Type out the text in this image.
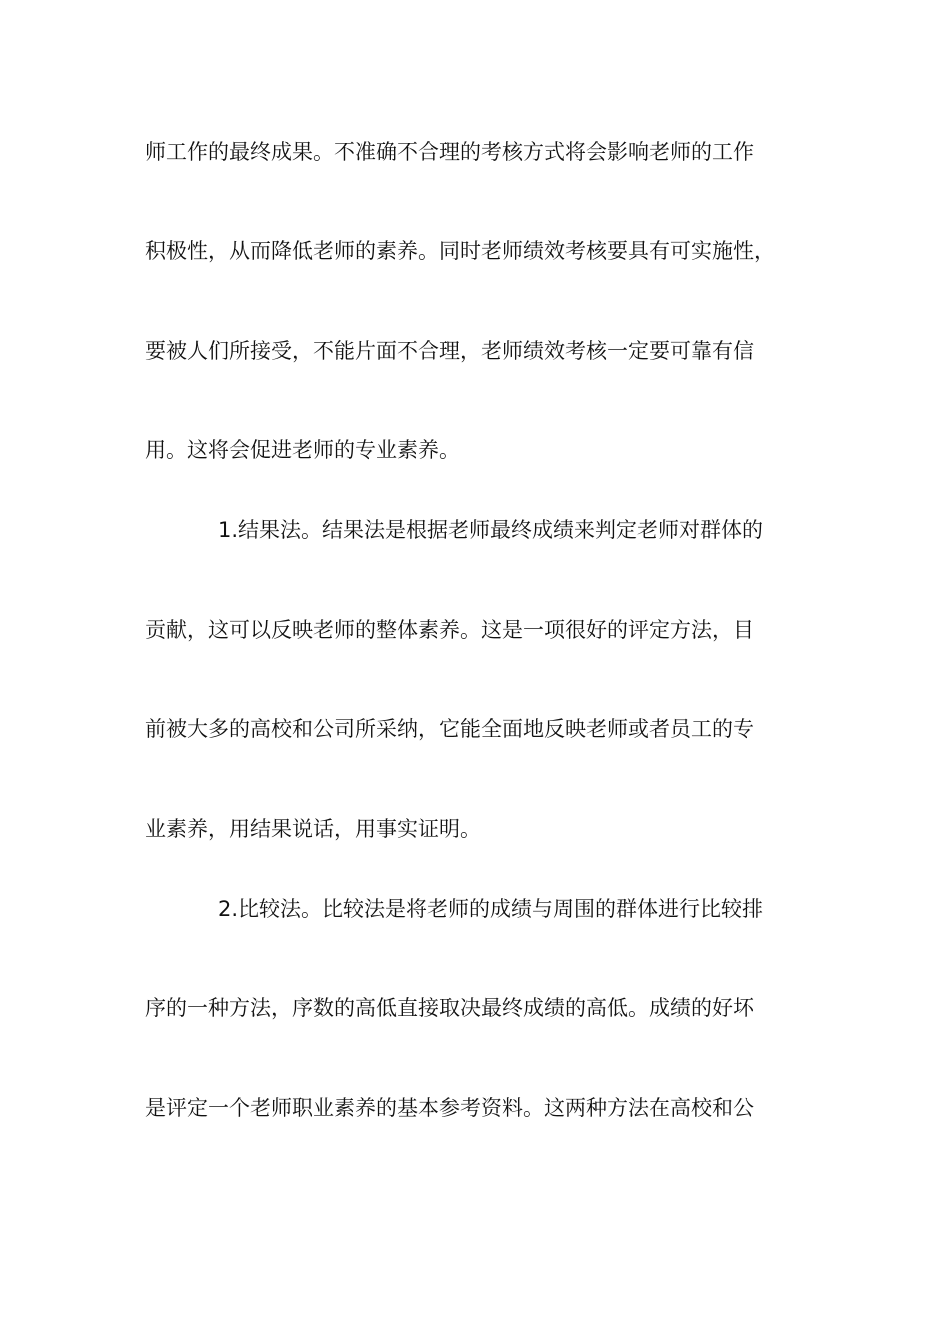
师工作的最终成果。不准确不合理的考核方式将会影响老师的工作
积极性，从而降低老师的素养。同时老师绩效考核要具有可实施性，
要被人们所接受，不能片面不合理，老师绩效考核一定要可靠有信
用。这将会促进老师的专业素养。
1.结果法。结果法是根据老师最终成绩来判定老师对群体的
贡献，这可以反映老师的整体素养。这是一项很好的评定方法，目
前被大多的高校和公司所采纳，它能全面地反映老师或者员工的专
业素养，用结果说话，用事实证明。
2.比较法。比较法是将老师的成绩与周围的群体进行比较排
序的一种方法，序数的高低直接取决最终成绩的高低。成绩的好坏
是评定一个老师职业素养的基本参考资料。这两种方法在高校和公
